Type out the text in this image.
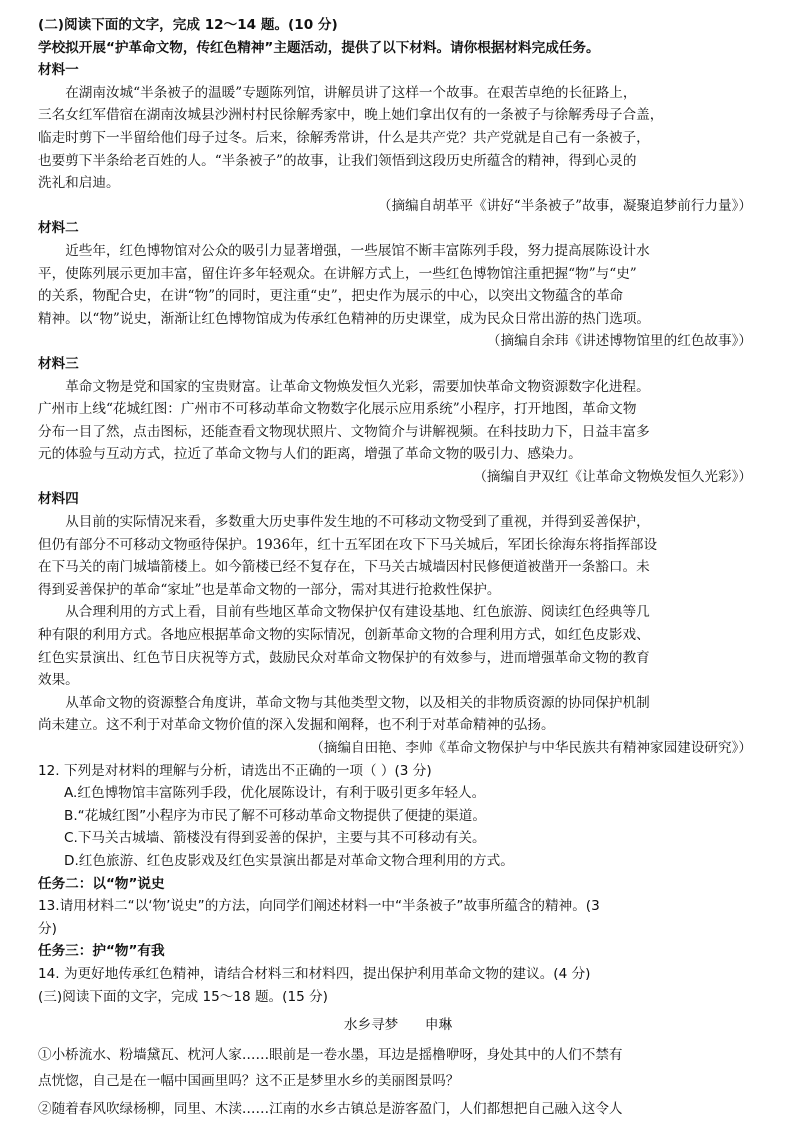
(二)阅读下面的文字，完成 12～14 题。(10 分)
学校拟开展“护革命文物，传红色精神”主题活动，提供了以下材料。请你根据材料完成任务。
材料一
在湖南汝城“半条被子的温暖”专题陈列馆，讲解员讲了这样一个故事。在艰苦卓绝的长征路上，
三名女红军借宿在湖南汝城县沙洲村村民徐解秀家中，晚上她们拿出仅有的一条被子与徐解秀母子合盖，
临走时剪下一半留给他们母子过冬。后来，徐解秀常讲，什么是共产党？共产党就是自己有一条被子，
也要剪下半条给老百姓的人。“半条被子”的故事，让我们领悟到这段历史所蕴含的精神，得到心灵的
洗礼和启迪。
（摘编自胡革平《讲好“半条被子”故事，凝聚追梦前行力量》）
材料二
近些年，红色博物馆对公众的吸引力显著增强，一些展馆不断丰富陈列手段，努力提高展陈设计水
平，使陈列展示更加丰富，留住许多年轻观众。在讲解方式上，一些红色博物馆注重把握“物”与“史”
的关系，物配合史，在讲“物”的同时，更注重“史”，把史作为展示的中心，以突出文物蕴含的革命
精神。以“物”说史，渐渐让红色博物馆成为传承红色精神的历史课堂，成为民众日常出游的热门选项。
（摘编自余玮《讲述博物馆里的红色故事》）
材料三
革命文物是党和国家的宝贵财富。让革命文物焕发恒久光彩，需要加快革命文物资源数字化进程。
广州市上线“花城红图：广州市不可移动革命文物数字化展示应用系统”小程序，打开地图，革命文物
分布一目了然，点击图标，还能查看文物现状照片、文物简介与讲解视频。在科技助力下，日益丰富多
元的体验与互动方式，拉近了革命文物与人们的距离，增强了革命文物的吸引力、感染力。
（摘编自尹双红《让革命文物焕发恒久光彩》）
材料四
从目前的实际情况来看，多数重大历史事件发生地的不可移动文物受到了重视，并得到妥善保护，
但仍有部分不可移动文物亟待保护。1936年，红十五军团在攻下下马关城后，军团长徐海东将指挥部设
在下马关的南门城墙箭楼上。如今箭楼已经不复存在，下马关古城墙因村民修便道被凿开一条豁口。未
得到妥善保护的革命“家址”也是革命文物的一部分，需对其进行抢救性保护。
从合理利用的方式上看，目前有些地区革命文物保护仅有建设基地、红色旅游、阅读红色经典等几
种有限的利用方式。各地应根据革命文物的实际情况，创新革命文物的合理利用方式，如红色皮影戏、
红色实景演出、红色节日庆祝等方式，鼓励民众对革命文物保护的有效参与，进而增强革命文物的教育
效果。
从革命文物的资源整合角度讲，革命文物与其他类型文物，以及相关的非物质资源的协同保护机制
尚未建立。这不利于对革命文物价值的深入发掘和阐释，也不利于对革命精神的弘扬。
（摘编自田艳、李帅《革命文物保护与中华民族共有精神家园建设研究》）
12. 下列是对材料的理解与分析，请选出不正确的一项（ ）(3 分)
A.红色博物馆丰富陈列手段，优化展陈设计，有利于吸引更多年轻人。
B.“花城红图”小程序为市民了解不可移动革命文物提供了便捷的渠道。
C.下马关古城墙、箭楼没有得到妥善的保护，主要与其不可移动有关。
D.红色旅游、红色皮影戏及红色实景演出都是对革命文物合理利用的方式。
任务二：以“物”说史
13.请用材料二“以‘物’说史”的方法，向同学们阐述材料一中“半条被子”故事所蕴含的精神。(3
分)
任务三：护“物”有我
14. 为更好地传承红色精神，请结合材料三和材料四，提出保护利用革命文物的建议。(4 分)
(三)阅读下面的文字，完成 15～18 题。(15 分)
水乡寻梦 申琳
①小桥流水、粉墙黛瓦、枕河人家……眼前是一卷水墨，耳边是摇橹咿呀，身处其中的人们不禁有
点恍惚，自己是在一幅中国画里吗？这不正是梦里水乡的美丽图景吗？
②随着春风吹绿杨柳，同里、木渎……江南的水乡古镇总是游客盈门，人们都想把自己融入这令人
